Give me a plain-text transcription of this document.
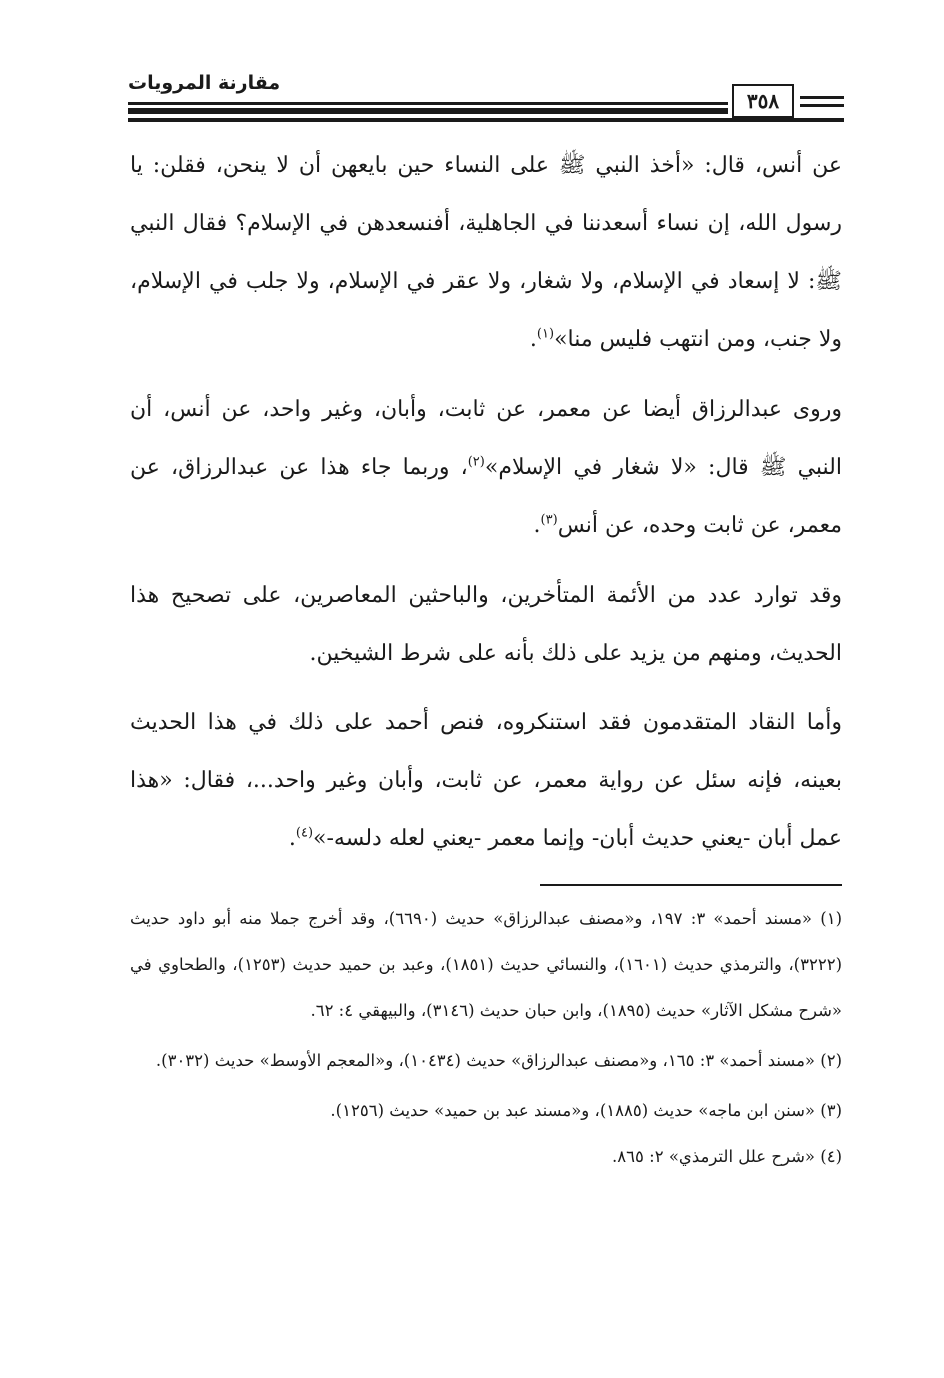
مقارنة المرويات
٣٥٨
عن أنس، قال: «أخذ النبي ﷺ على النساء حين بايعهن أن لا ينحن، فقلن: يا رسول الله، إن نساء أسعدننا في الجاهلية، أفنسعدهن في الإسلام؟ فقال النبي ﷺ: لا إسعاد في الإسلام، ولا شغار، ولا عقر في الإسلام، ولا جلب في الإسلام، ولا جنب، ومن انتهب فليس منا»$^{(١)}$.
وروى عبدالرزاق أيضا عن معمر، عن ثابت، وأبان، وغير واحد، عن أنس، أن النبي ﷺ قال: «لا شغار في الإسلام»$^{(٢)}$، وربما جاء هذا عن عبدالرزاق، عن معمر، عن ثابت وحده، عن أنس$^{(٣)}$.
وقد توارد عدد من الأئمة المتأخرين، والباحثين المعاصرين، على تصحيح هذا الحديث، ومنهم من يزيد على ذلك بأنه على شرط الشيخين.
وأما النقاد المتقدمون فقد استنكروه، فنص أحمد على ذلك في هذا الحديث بعينه، فإنه سئل عن رواية معمر، عن ثابت، وأبان وغير واحد...، فقال: «هذا عمل أبان -يعني حديث أبان- وإنما معمر -يعني لعله دلسه-»$^{(٤)}$.

(١) «مسند أحمد» ٣: ١٩٧، و«مصنف عبدالرزاق» حديث (٦٦٩٠)، وقد أخرج جملا منه أبو داود حديث (٣٢٢٢)، والترمذي حديث (١٦٠١)، والنسائي حديث (١٨٥١)، وعبد بن حميد حديث (١٢٥٣)، والطحاوي في «شرح مشكل الآثار» حديث (١٨٩٥)، وابن حبان حديث (٣١٤٦)، والبيهقي ٤: ٦٢.

(٢) «مسند أحمد» ٣: ١٦٥، و«مصنف عبدالرزاق» حديث (١٠٤٣٤)، و«المعجم الأوسط» حديث (٣٠٣٢).

(٣) «سنن ابن ماجه» حديث (١٨٨٥)، و«مسند عبد بن حميد» حديث (١٢٥٦).

(٤) «شرح علل الترمذي» ٢: ٨٦٥.
